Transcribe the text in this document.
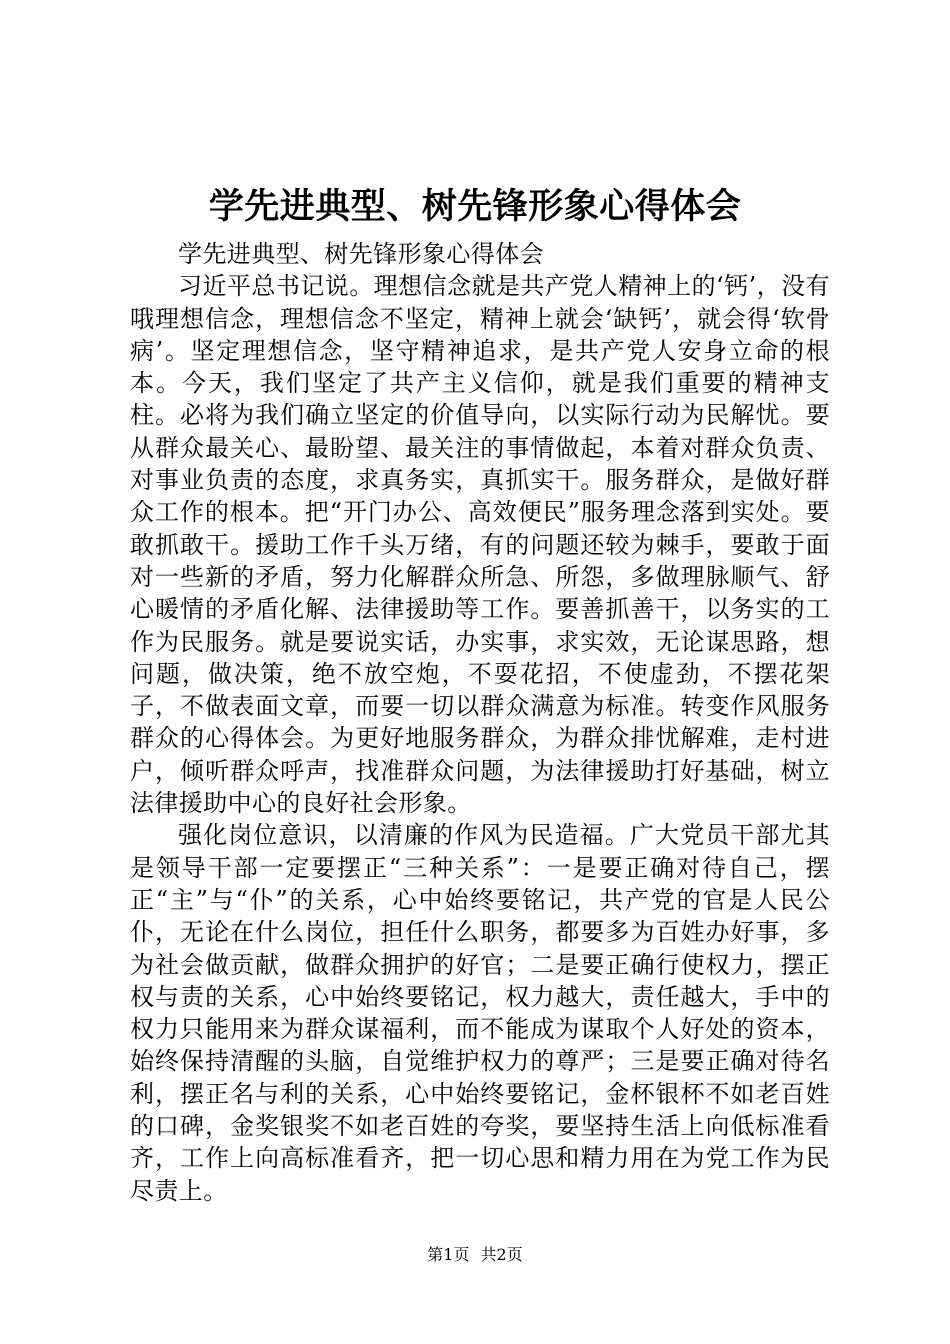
学先进典型、树先锋形象心得体会

学先进典型、树先锋形象心得体会

习近平总书记说。理想信念就是共产党人精神上的‘钙’，没有哦理想信念，理想信念不坚定，精神上就会‘缺钙’，就会得‘软骨病’。坚定理想信念，坚守精神追求，是共产党人安身立命的根本。今天，我们坚定了共产主义信仰，就是我们重要的精神支柱。必将为我们确立坚定的价值导向，以实际行动为民解忧。要从群众最关心、最盼望、最关注的事情做起，本着对群众负责、对事业负责的态度，求真务实，真抓实干。服务群众，是做好群众工作的根本。把“开门办公、高效便民”服务理念落到实处。要敢抓敢干。援助工作千头万绪，有的问题还较为棘手，要敢于面对一些新的矛盾，努力化解群众所急、所怨，多做理脉顺气、舒心暖情的矛盾化解、法律援助等工作。要善抓善干，以务实的工作为民服务。就是要说实话，办实事，求实效，无论谋思路，想问题，做决策，绝不放空炮，不耍花招，不使虚劲，不摆花架子，不做表面文章，而要一切以群众满意为标准。转变作风服务群众的心得体会。为更好地服务群众，为群众排忧解难，走村进户，倾听群众呼声，找准群众问题，为法律援助打好基础，树立法律援助中心的良好社会形象。

强化岗位意识，以清廉的作风为民造福。广大党员干部尤其是领导干部一定要摆正“三种关系”：一是要正确对待自己，摆正“主”与“仆”的关系，心中始终要铭记，共产党的官是人民公仆，无论在什么岗位，担任什么职务，都要多为百姓办好事，多为社会做贡献，做群众拥护的好官；二是要正确行使权力，摆正权与责的关系，心中始终要铭记，权力越大，责任越大，手中的权力只能用来为群众谋福利，而不能成为谋取个人好处的资本，始终保持清醒的头脑，自觉维护权力的尊严；三是要正确对待名利，摆正名与利的关系，心中始终要铭记，金杯银杯不如老百姓的口碑，金奖银奖不如老百姓的夸奖，要坚持生活上向低标准看齐，工作上向高标准看齐，把一切心思和精力用在为党工作为民尽责上。

第1页 共2页
